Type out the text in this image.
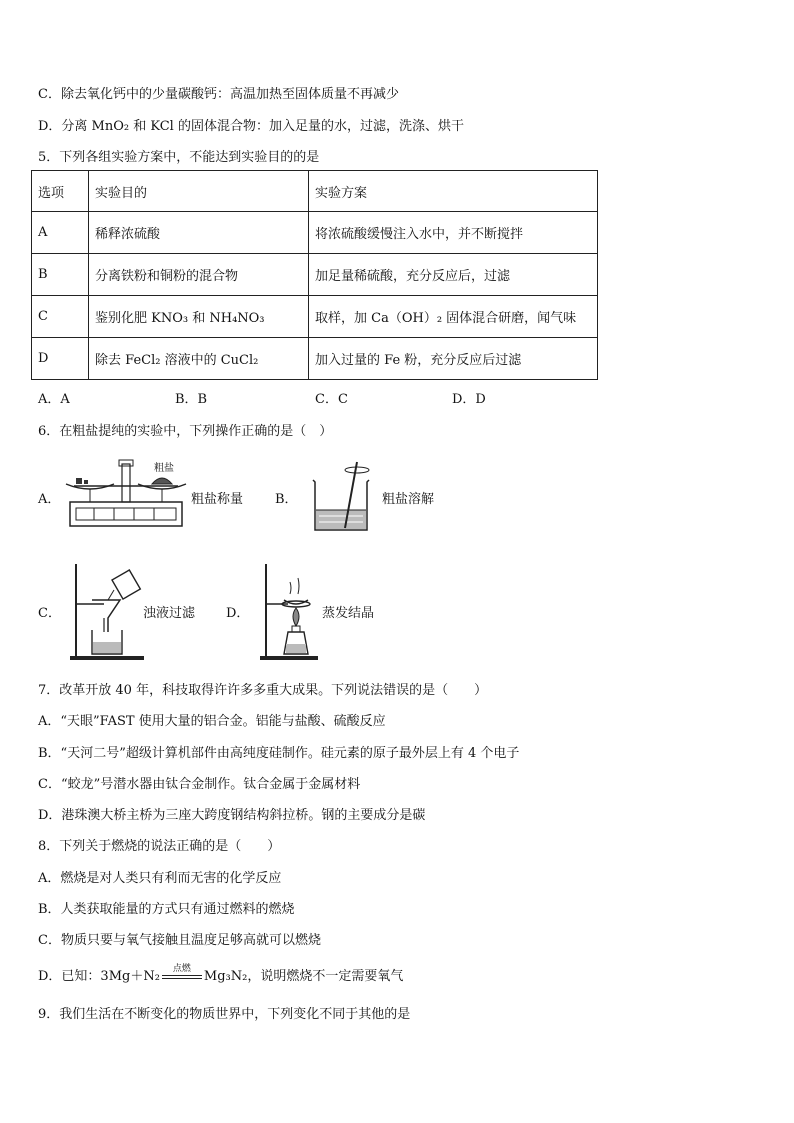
C．除去氧化钙中的少量碳酸钙：高温加热至固体质量不再减少
D．分离 MnO₂ 和 KCl 的固体混合物：加入足量的水，过滤，洗涤、烘干
5．下列各组实验方案中，不能达到实验目的的是
选项	实验目的	实验方案
A	稀释浓硫酸	将浓硫酸缓慢注入水中，并不断搅拌
B	分离铁粉和铜粉的混合物	加足量稀硫酸，充分反应后，过滤
C	鉴别化肥 KNO₃ 和 NH₄NO₃	取样，加 Ca（OH）₂ 固体混合研磨，闻气味
D	除去 FeCl₂ 溶液中的 CuCl₂	加入过量的 Fe 粉，充分反应后过滤
A．A	B．B	C．C	D．D
6．在粗盐提纯的实验中，下列操作正确的是（　）
A．
粗盐
粗盐称量 B．	粗盐溶解
C．	浊液过滤 D．	蒸发结晶
7．改革开放 40 年，科技取得许许多多重大成果。下列说法错误的是（　　）
A．“天眼”FAST 使用大量的铝合金。铝能与盐酸、硫酸反应
B．“天河二号”超级计算机部件由高纯度硅制作。硅元素的原子最外层上有 4 个电子
C．“蛟龙”号潜水器由钛合金制作。钛合金属于金属材料
D．港珠澳大桥主桥为三座大跨度钢结构斜拉桥。钢的主要成分是碳
8．下列关于燃烧的说法正确的是（　　）
A．燃烧是对人类只有利而无害的化学反应
B．人类获取能量的方式只有通过燃料的燃烧
C．物质只要与氧气接触且温度足够高就可以燃烧
D．已知：3Mg＋N₂	点燃	Mg₃N₂，说明燃烧不一定需要氧气
9．我们生活在不断变化的物质世界中，下列变化不同于其他的是
